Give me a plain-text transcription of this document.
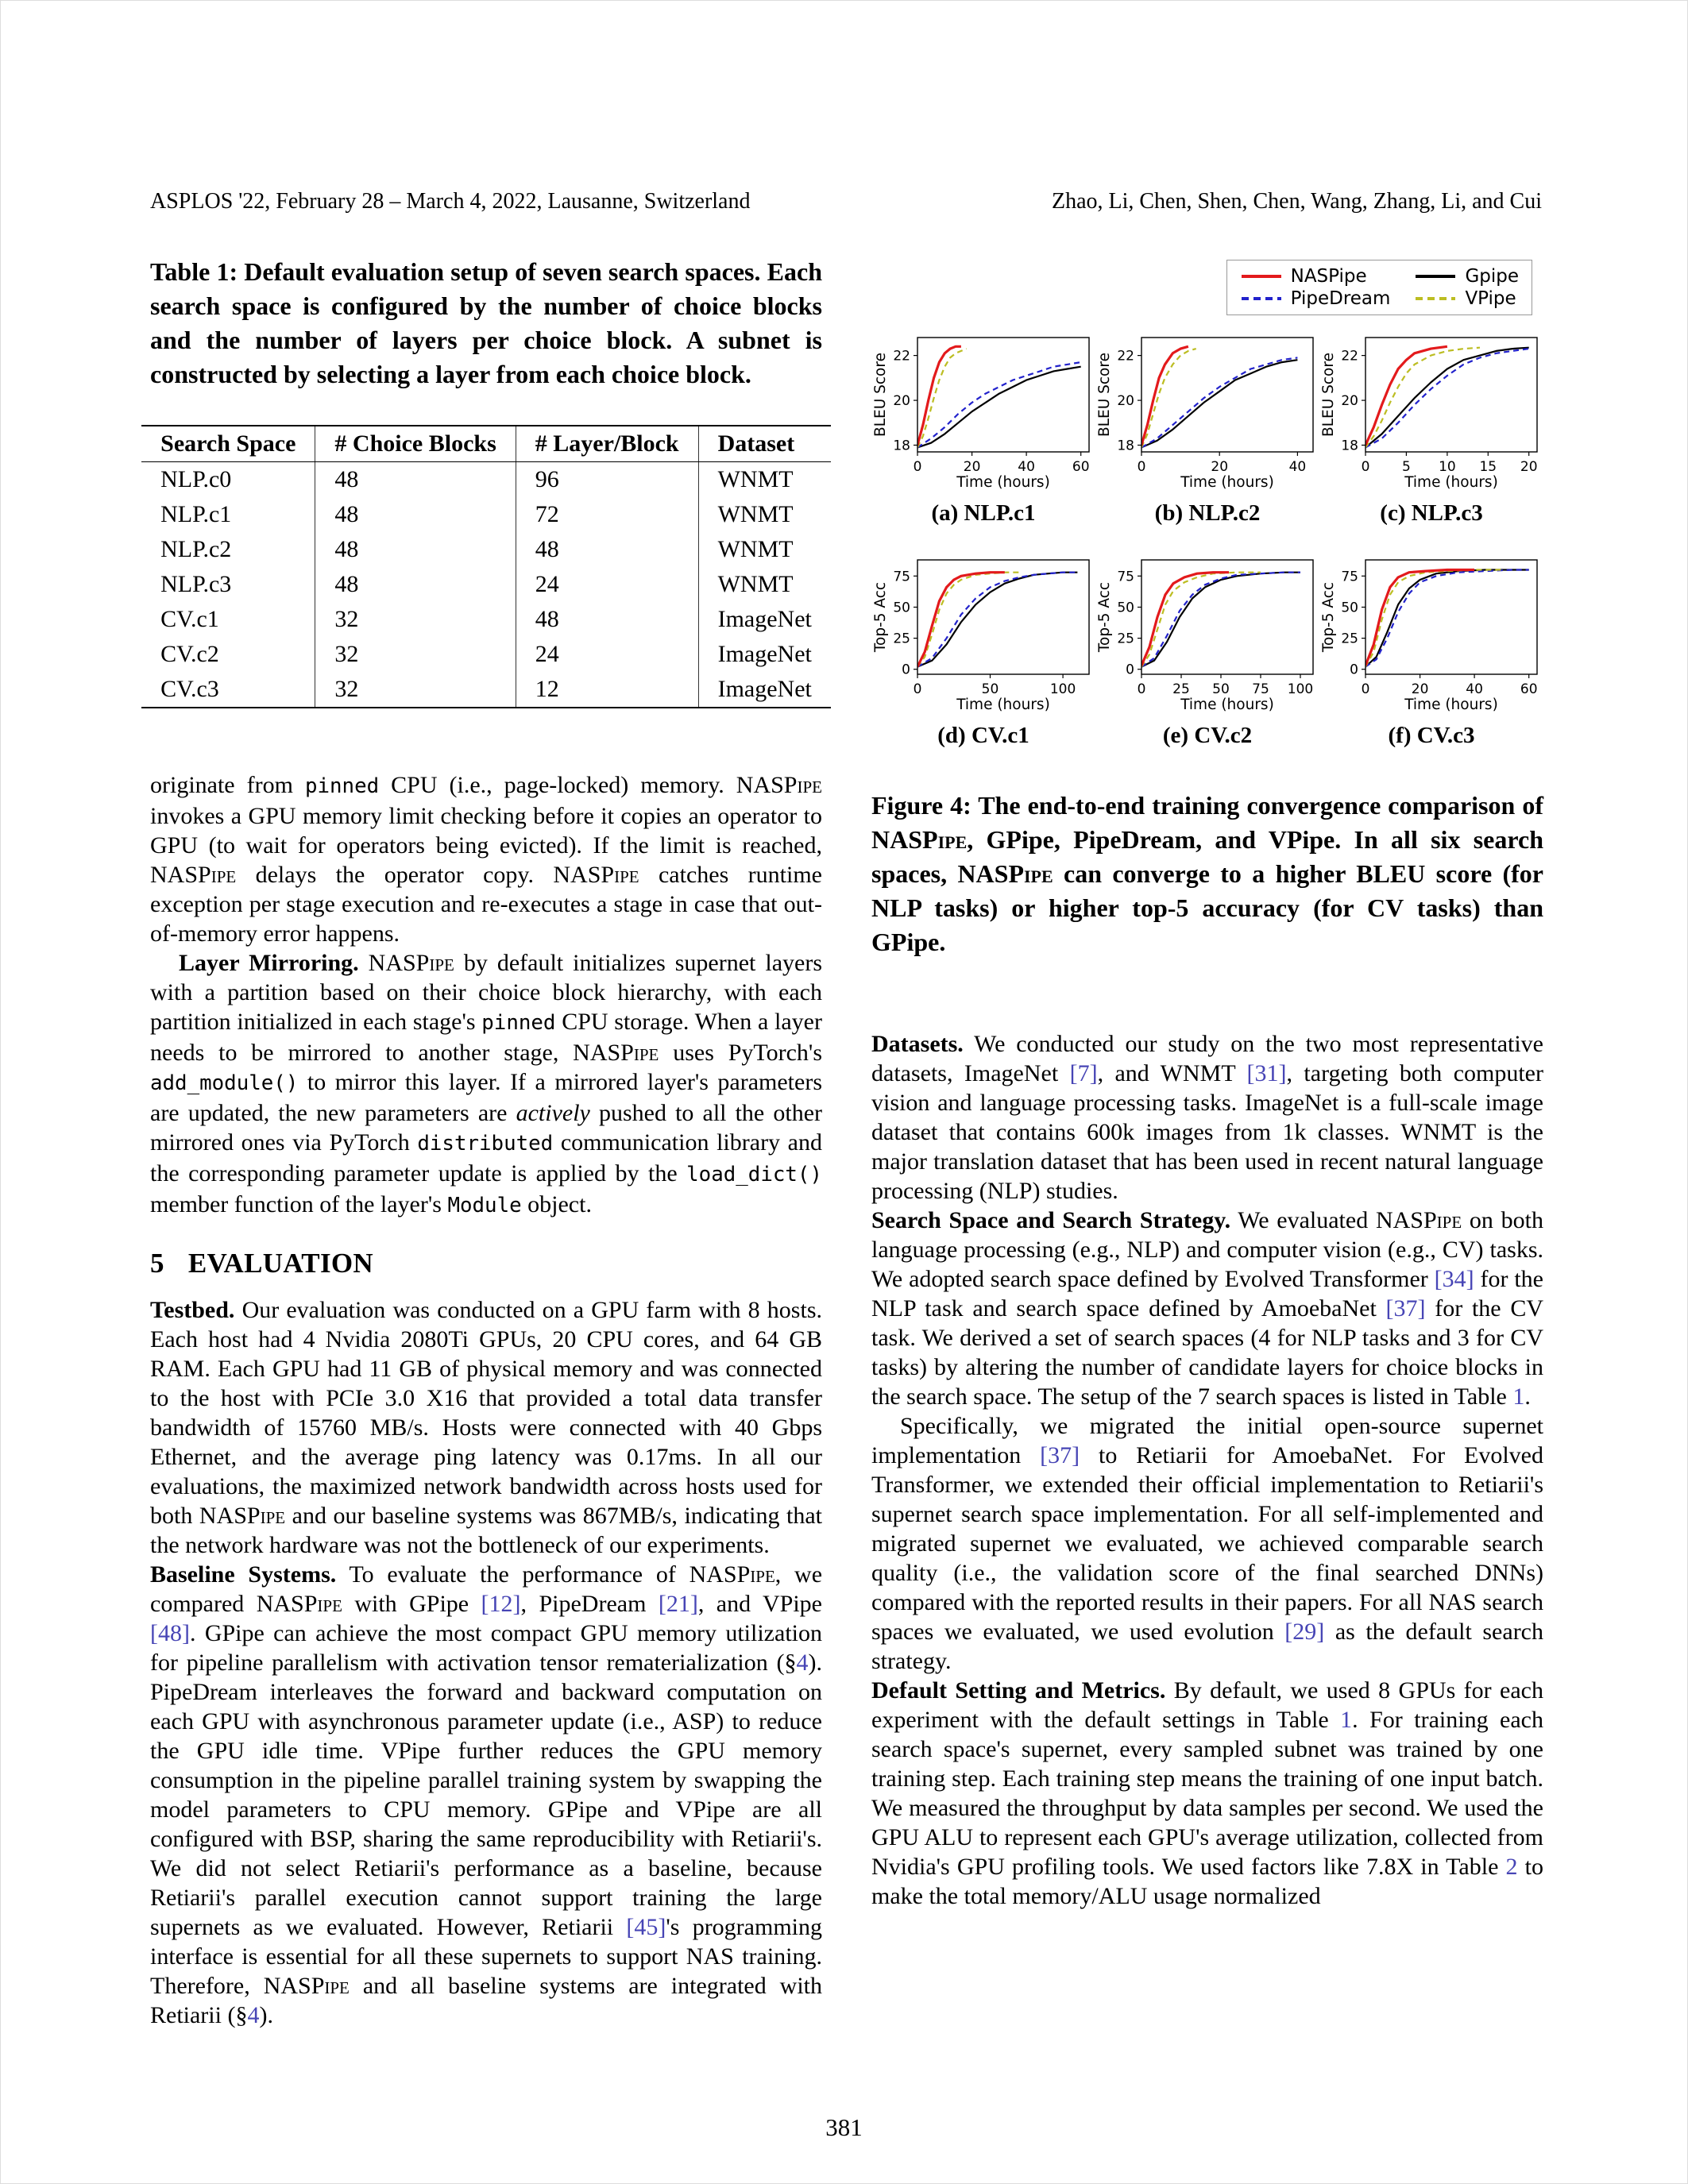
ASPLOS '22, February 28 – March 4, 2022, Lausanne, Switzerland	Zhao, Li, Chen, Shen, Chen, Wang, Zhang, Li, and Cui
Table 1: Default evaluation setup of seven search spaces. Each search space is configured by the number of choice blocks and the number of layers per choice block. A subnet is constructed by selecting a layer from each choice block.
Search Space	# Choice Blocks	# Layer/Block	Dataset
NLP.c0	48	96	WNMT
NLP.c1	48	72	WNMT
NLP.c2	48	48	WNMT
NLP.c3	48	24	WNMT
CV.c1	32	48	ImageNet
CV.c2	32	24	ImageNet
CV.c3	32	12	ImageNet

originate from pinned CPU (i.e., page-locked) memory. NASPipe invokes a GPU memory limit checking before it copies an operator to GPU (to wait for operators being evicted). If the limit is reached, NASPipe delays the operator copy. NASPipe catches runtime exception per stage execution and re-executes a stage in case that out-of-memory error happens.

Layer Mirroring. NASPipe by default initializes supernet layers with a partition based on their choice block hierarchy, with each partition initialized in each stage's pinned CPU storage. When a layer needs to be mirrored to another stage, NASPipe uses PyTorch's add_module() to mirror this layer. If a mirrored layer's parameters are updated, the new parameters are actively pushed to all the other mirrored ones via PyTorch distributed communication library and the corresponding parameter update is applied by the load_dict() member function of the layer's Module object.

5 EVALUATION

Testbed. Our evaluation was conducted on a GPU farm with 8 hosts. Each host had 4 Nvidia 2080Ti GPUs, 20 CPU cores, and 64 GB RAM. Each GPU had 11 GB of physical memory and was connected to the host with PCIe 3.0 X16 that provided a total data transfer bandwidth of 15760 MB/s. Hosts were connected with 40 Gbps Ethernet, and the average ping latency was 0.17ms. In all our evaluations, the maximized network bandwidth across hosts used for both NASPipe and our baseline systems was 867MB/s, indicating that the network hardware was not the bottleneck of our experiments.

Baseline Systems. To evaluate the performance of NASPipe, we compared NASPipe with GPipe [12], PipeDream [21], and VPipe [48]. GPipe can achieve the most compact GPU memory utilization for pipeline parallelism with activation tensor rematerialization (§4). PipeDream interleaves the forward and backward computation on each GPU with asynchronous parameter update (i.e., ASP) to reduce the GPU idle time. VPipe further reduces the GPU memory consumption in the pipeline parallel training system by swapping the model parameters to CPU memory. GPipe and VPipe are all configured with BSP, sharing the same reproducibility with Retiarii's. We did not select Retiarii's performance as a baseline, because Retiarii's parallel execution cannot support training the large supernets as we evaluated. However, Retiarii [45]'s programming interface is essential for all these supernets to support NAS training. Therefore, NASPipe and all baseline systems are integrated with Retiarii (§4).

NASPipe	Gpipe
PipeDream	VPipe
0	20	40	60
18
20
22
Time (hours)
BLEU Score
(a) NLP.c1
0	20	40
18
20
22
Time (hours)
BLEU Score
(b) NLP.c2
0 5 10 15 20
18
20
22
Time (hours)
BLEU Score
(c) NLP.c3
0	50	100
0
25
50
75
Time (hours)
Top-5 Acc
(d) CV.c1
0 25 50 75 100
0
25
50
75
Time (hours)
Top-5 Acc
(e) CV.c2
0	20	40	60
0
25
50
75
Time (hours)
Top-5 Acc
(f) CV.c3
Figure 4: The end-to-end training convergence comparison of NASPipe, GPipe, PipeDream, and VPipe. In all six search spaces, NASPipe can converge to a higher BLEU score (for NLP tasks) or higher top-5 accuracy (for CV tasks) than GPipe.

Datasets. We conducted our study on the two most representative datasets, ImageNet [7], and WNMT [31], targeting both computer vision and language processing tasks. ImageNet is a full-scale image dataset that contains 600k images from 1k classes. WNMT is the major translation dataset that has been used in recent natural language processing (NLP) studies.

Search Space and Search Strategy. We evaluated NASPipe on both language processing (e.g., NLP) and computer vision (e.g., CV) tasks. We adopted search space defined by Evolved Transformer [34] for the NLP task and search space defined by AmoebaNet [37] for the CV task. We derived a set of search spaces (4 for NLP tasks and 3 for CV tasks) by altering the number of candidate layers for choice blocks in the search space. The setup of the 7 search spaces is listed in Table 1.

Specifically, we migrated the initial open-source supernet implementation [37] to Retiarii for AmoebaNet. For Evolved Transformer, we extended their official implementation to Retiarii's supernet search space implementation. For all self-implemented and migrated supernet we evaluated, we achieved comparable search quality (i.e., the validation score of the final searched DNNs) compared with the reported results in their papers. For all NAS search spaces we evaluated, we used evolution [29] as the default search strategy.

Default Setting and Metrics. By default, we used 8 GPUs for each experiment with the default settings in Table 1. For training each search space's supernet, every sampled subnet was trained by one training step. Each training step means the training of one input batch. We measured the throughput by data samples per second. We used the GPU ALU to represent each GPU's average utilization, collected from Nvidia's GPU profiling tools. We used factors like 7.8X in Table 2 to make the total memory/ALU usage normalized

381
